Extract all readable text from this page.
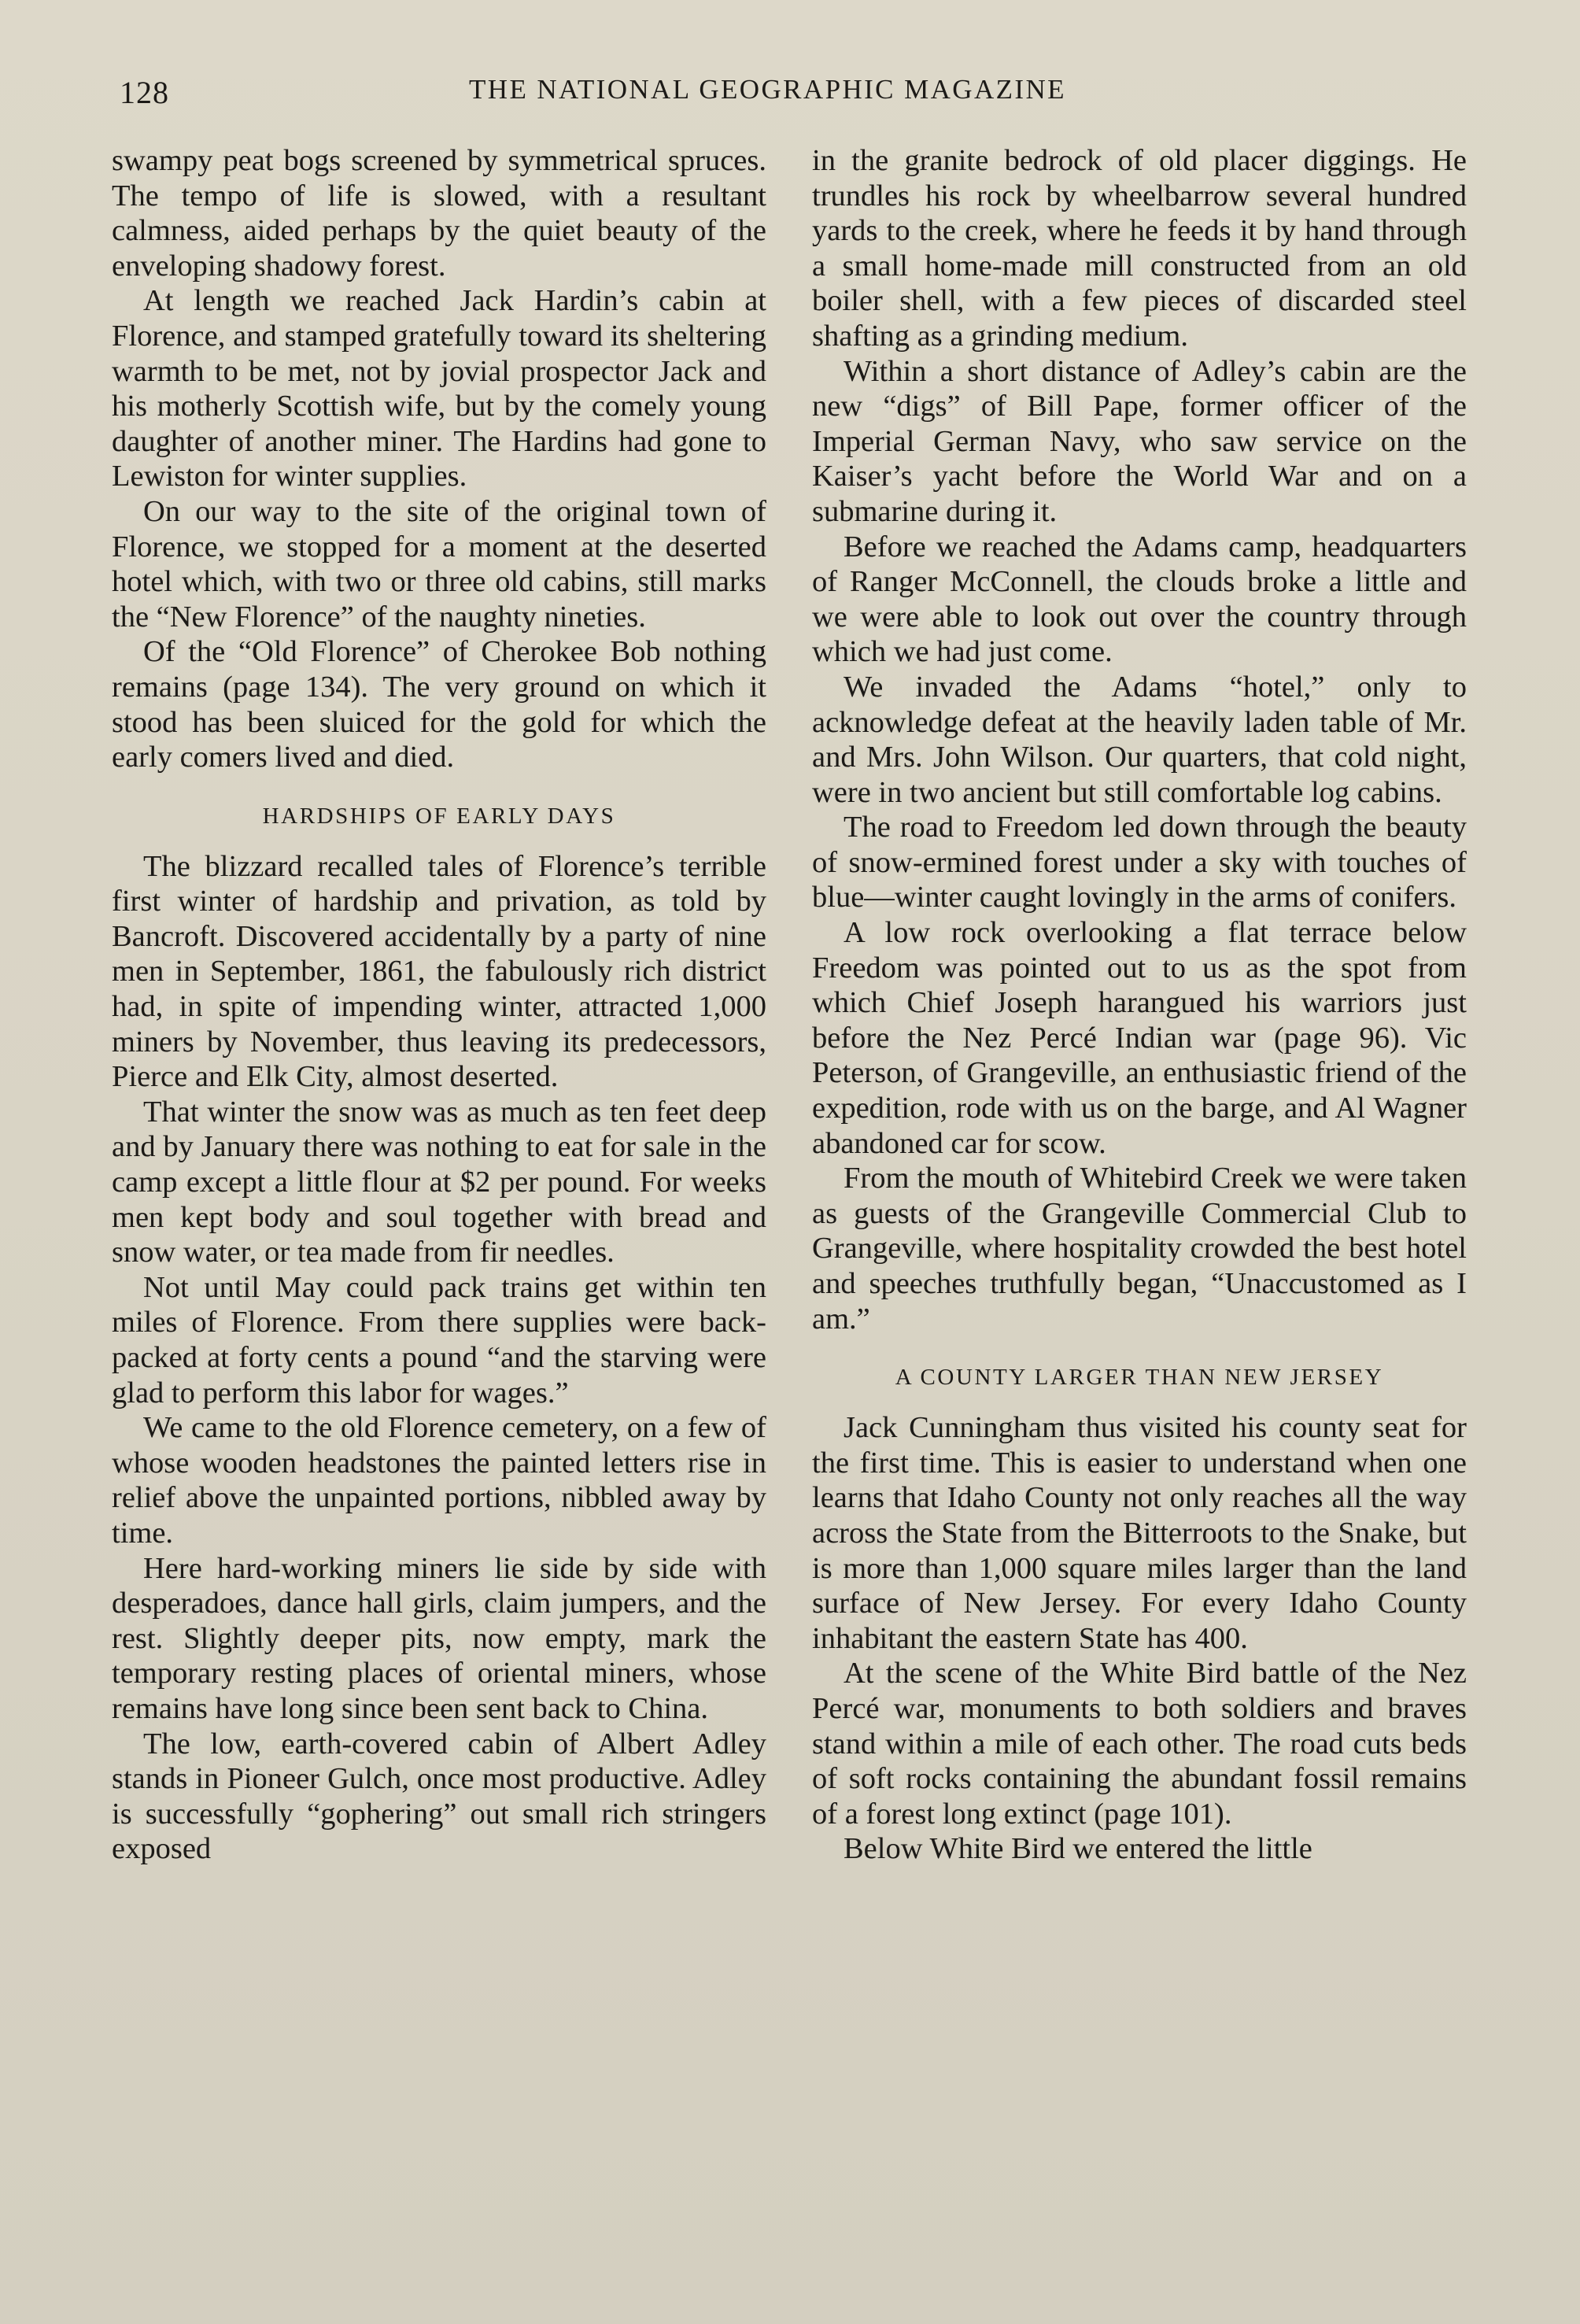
128	THE NATIONAL GEOGRAPHIC MAGAZINE

swampy peat bogs screened by symmetrical spruces. The tempo of life is slowed, with a resultant calmness, aided perhaps by the quiet beauty of the enveloping shadowy forest.

At length we reached Jack Hardin’s cabin at Florence, and stamped gratefully toward its sheltering warmth to be met, not by jovial prospector Jack and his motherly Scottish wife, but by the comely young daughter of another miner. The Hardins had gone to Lewiston for winter supplies.

On our way to the site of the original town of Florence, we stopped for a moment at the deserted hotel which, with two or three old cabins, still marks the “New Florence” of the naughty nineties.

Of the “Old Florence” of Cherokee Bob nothing remains (page 134). The very ground on which it stood has been sluiced for the gold for which the early comers lived and died.

HARDSHIPS OF EARLY DAYS

The blizzard recalled tales of Florence’s terrible first winter of hardship and privation, as told by Bancroft. Discovered accidentally by a party of nine men in September, 1861, the fabulously rich district had, in spite of impending winter, attracted 1,000 miners by November, thus leaving its predecessors, Pierce and Elk City, almost deserted.

That winter the snow was as much as ten feet deep and by January there was nothing to eat for sale in the camp except a little flour at $2 per pound. For weeks men kept body and soul together with bread and snow water, or tea made from fir needles.

Not until May could pack trains get within ten miles of Florence. From there supplies were back-packed at forty cents a pound “and the starving were glad to perform this labor for wages.”

We came to the old Florence cemetery, on a few of whose wooden headstones the painted letters rise in relief above the unpainted portions, nibbled away by time.

Here hard-working miners lie side by side with desperadoes, dance hall girls, claim jumpers, and the rest. Slightly deeper pits, now empty, mark the temporary resting places of oriental miners, whose remains have long since been sent back to China.

The low, earth-covered cabin of Albert Adley stands in Pioneer Gulch, once most productive. Adley is successfully “gophering” out small rich stringers exposed

in the granite bedrock of old placer diggings. He trundles his rock by wheelbarrow several hundred yards to the creek, where he feeds it by hand through a small home-made mill constructed from an old boiler shell, with a few pieces of discarded steel shafting as a grinding medium.

Within a short distance of Adley’s cabin are the new “digs” of Bill Pape, former officer of the Imperial German Navy, who saw service on the Kaiser’s yacht before the World War and on a submarine during it.

Before we reached the Adams camp, headquarters of Ranger McConnell, the clouds broke a little and we were able to look out over the country through which we had just come.

We invaded the Adams “hotel,” only to acknowledge defeat at the heavily laden table of Mr. and Mrs. John Wilson. Our quarters, that cold night, were in two ancient but still comfortable log cabins.

The road to Freedom led down through the beauty of snow-ermined forest under a sky with touches of blue—winter caught lovingly in the arms of conifers.

A low rock overlooking a flat terrace below Freedom was pointed out to us as the spot from which Chief Joseph harangued his warriors just before the Nez Percé Indian war (page 96). Vic Peterson, of Grangeville, an enthusiastic friend of the expedition, rode with us on the barge, and Al Wagner abandoned car for scow.

From the mouth of Whitebird Creek we were taken as guests of the Grangeville Commercial Club to Grangeville, where hospitality crowded the best hotel and speeches truthfully began, “Unaccustomed as I am.”

A COUNTY LARGER THAN NEW JERSEY

Jack Cunningham thus visited his county seat for the first time. This is easier to understand when one learns that Idaho County not only reaches all the way across the State from the Bitterroots to the Snake, but is more than 1,000 square miles larger than the land surface of New Jersey. For every Idaho County inhabitant the eastern State has 400.

At the scene of the White Bird battle of the Nez Percé war, monuments to both soldiers and braves stand within a mile of each other. The road cuts beds of soft rocks containing the abundant fossil remains of a forest long extinct (page 101).

Below White Bird we entered the little
